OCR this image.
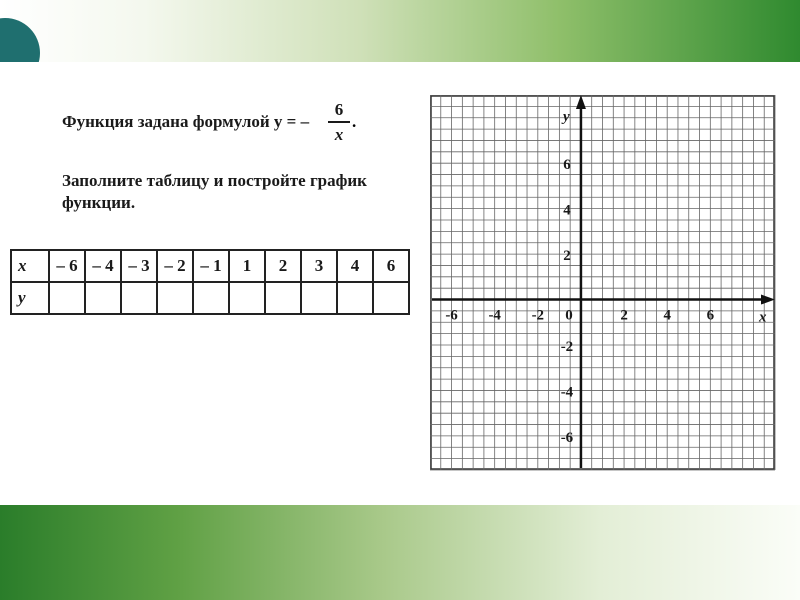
Функция задана формулой y = –
6
x
.
Заполните таблицу и постройте график функции.
x	– 6	– 4	– 3	– 2	– 1	1	2	3	4	6
y										
-6 -4 -2	2 4 6
6
4
2
-2
-4
-6
0	x
y
